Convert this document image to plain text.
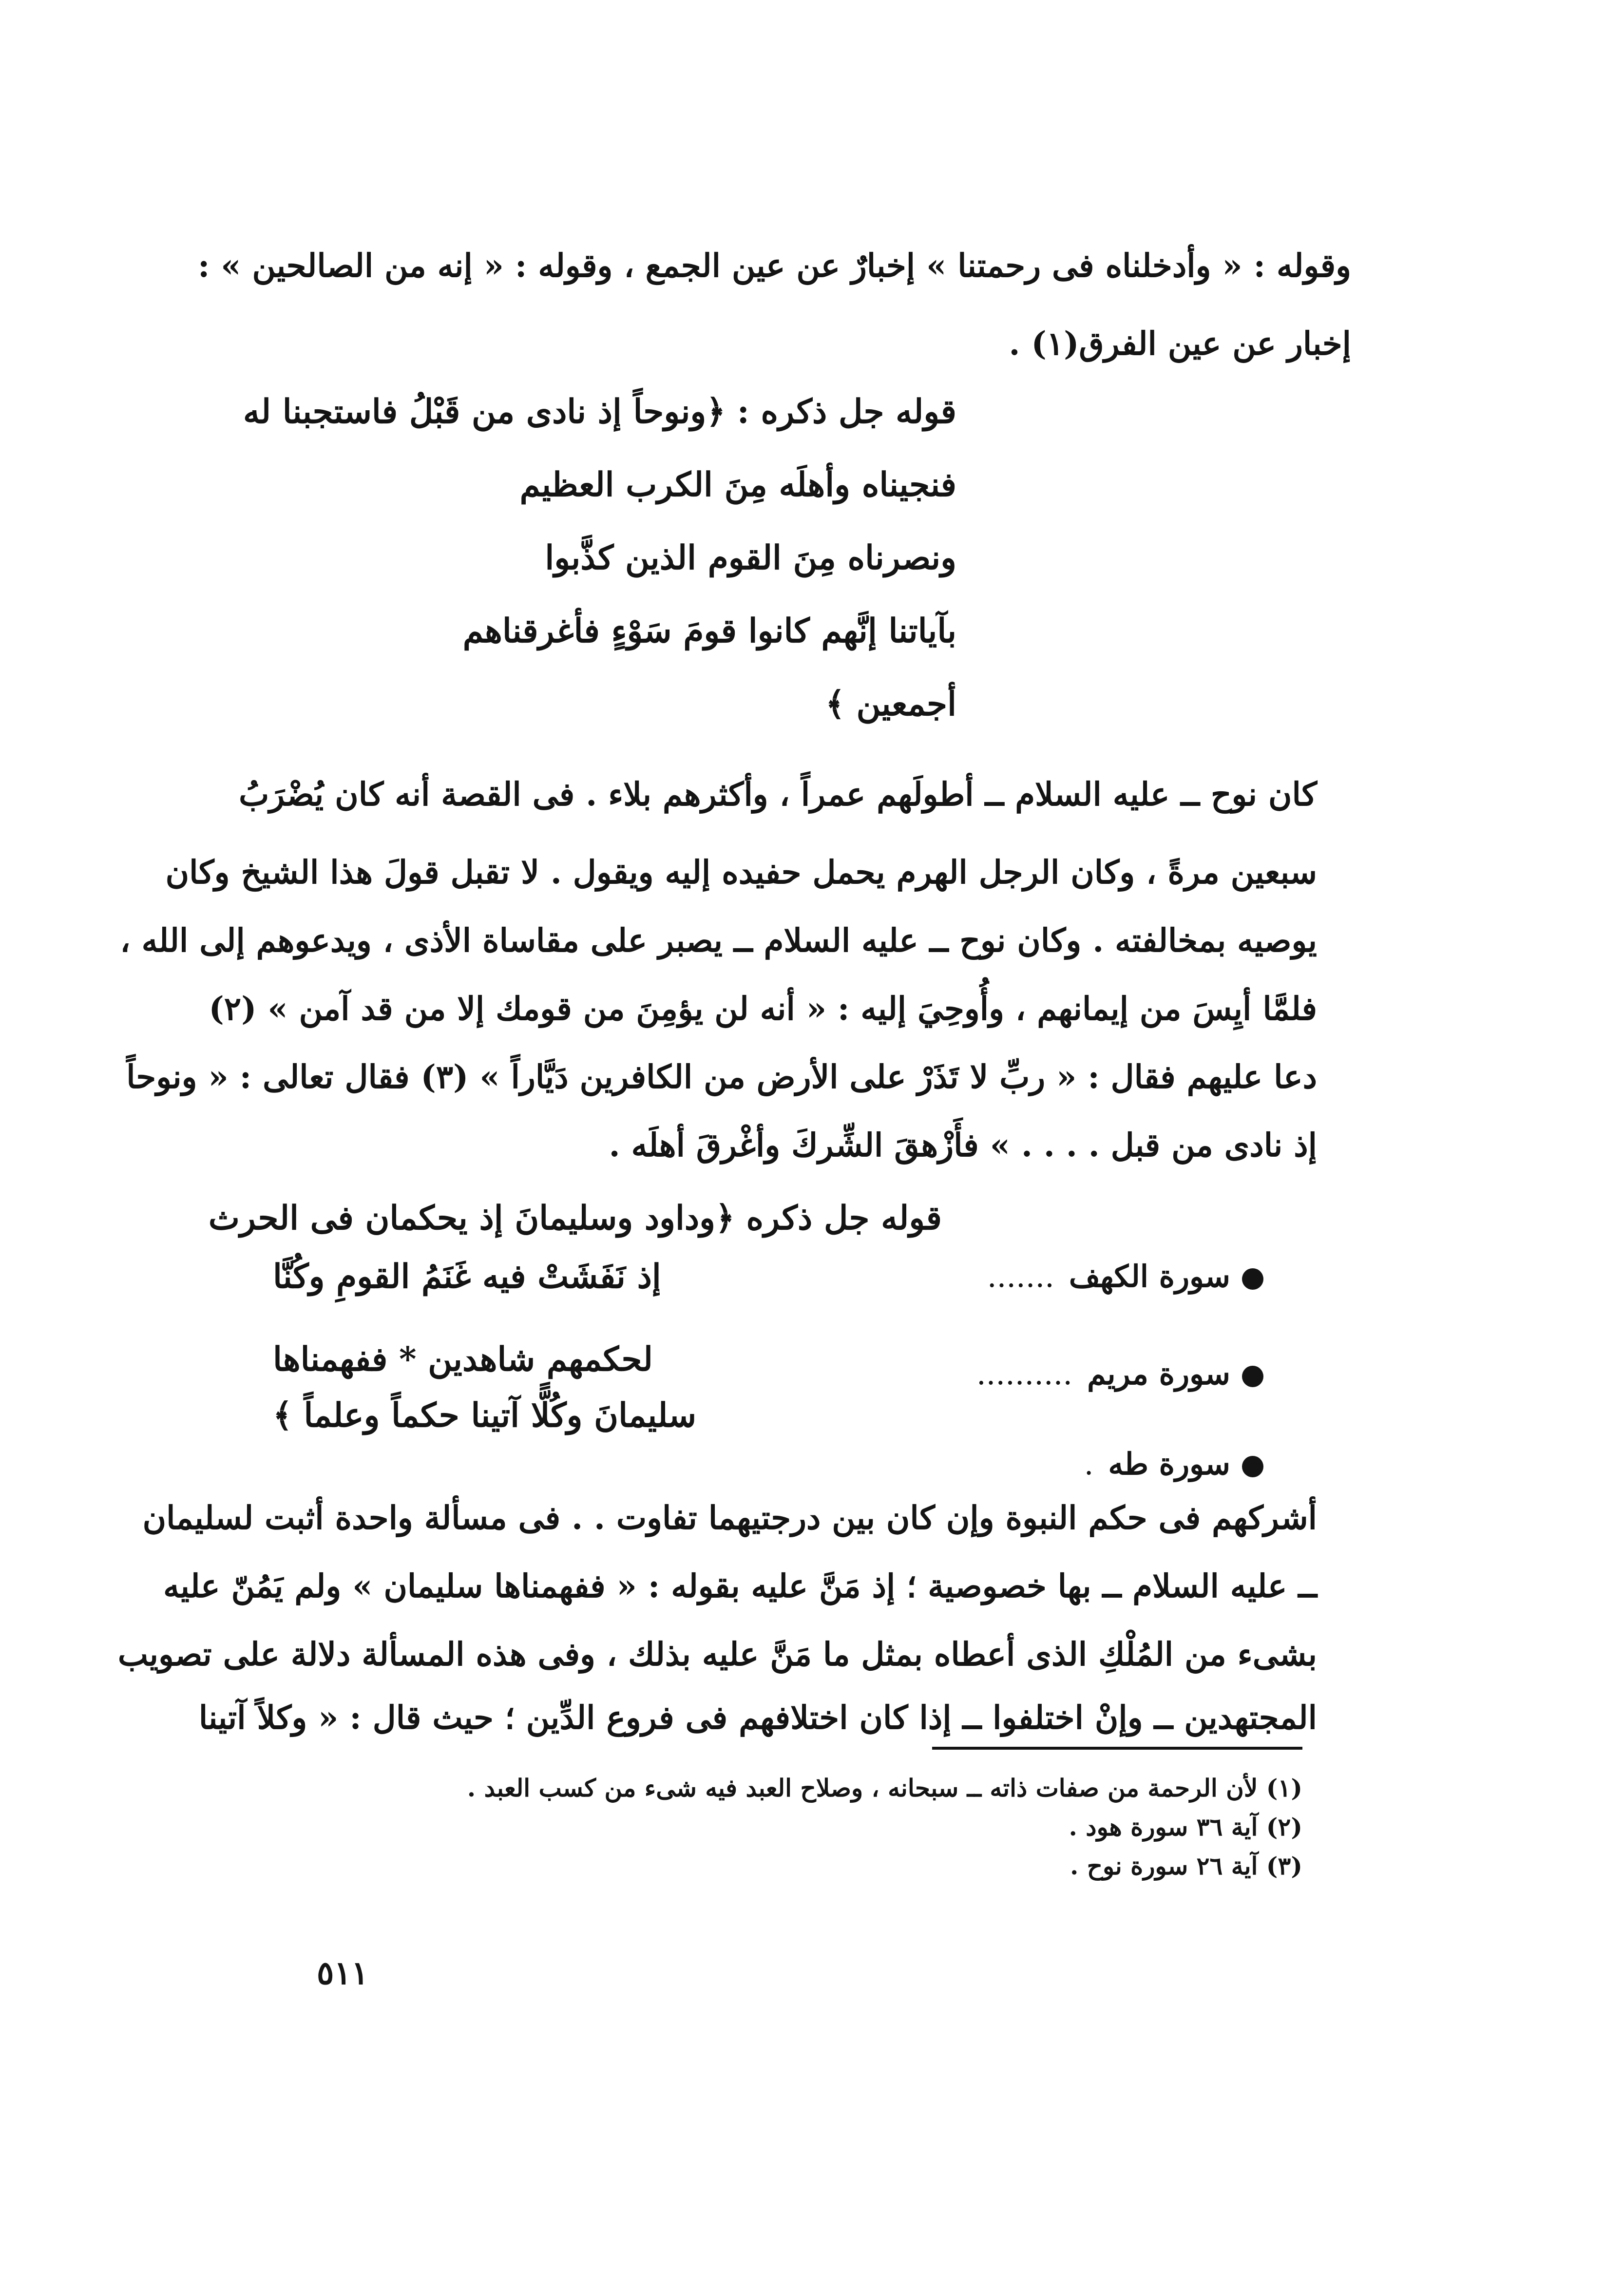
وقوله : « وأدخلناه فى رحمتنا » إخبارٌ عن عين الجمع ، وقوله : « إنه من الصالحين » :
إخبار عن عين الفرق(١) .
قوله جل ذكره : ﴿ونوحاً إذ نادى من قَبْلُ فاستجبنا له
فنجيناه وأهلَه مِنَ الكرب العظيم
ونصرناه مِنَ القوم الذين كذَّبوا
بآياتنا إنَّهم كانوا قومَ سَوْءٍ فأغرقناهم
أجمعين ﴾
كان نوح ــ عليه السلام ــ أطولَهم عمراً ، وأكثرهم بلاء . فى القصة أنه كان يُضْرَبُ
سبعين مرةً ، وكان الرجل الهرم يحمل حفيده إليه ويقول . لا تقبل قولَ هذا الشيخ وكان
يوصيه بمخالفته . وكان نوح ــ عليه السلام ــ يصبر على مقاساة الأذى ، ويدعوهم إلى الله ،
فلمَّا أيِسَ من إيمانهم ، وأُوحِيَ إليه : « أنه لن يؤمِنَ من قومك إلا من قد آمن » (٢)
دعا عليهم فقال : « ربِّ لا تَذَرْ على الأرض من الكافرين دَيَّاراً » (٣) فقال تعالى : « ونوحاً
إذ نادى من قبل . . . . » فأَزْهقَ الشِّركَ وأغْرقَ أهلَه .
قوله جل ذكره ﴿وداود وسليمانَ إذ يحكمان فى الحرث
سورة الكهف.......
سورة مريم..........
سورة طه.
إذ نَفَشَتْ فيه غَنَمُ القومِ وكُنَّا
لحكمهم شاهدين * ففهمناها
سليمانَ وكُلًّا آتينا حكماً وعلماً ﴾
أشركهم فى حكم النبوة وإن كان بين درجتيهما تفاوت . . فى مسألة واحدة أثبت لسليمان
ــ عليه السلام ــ بها خصوصية ؛ إذ مَنَّ عليه بقوله : « ففهمناها سليمان » ولم يَمُنّ عليه
بشىء من المُلْكِ الذى أعطاه بمثل ما مَنَّ عليه بذلك ، وفى هذه المسألة دلالة على تصويب
المجتهدين ــ وإنْ اختلفوا ــ إذا كان اختلافهم فى فروع الدِّين ؛ حيث قال : « وكلاً آتينا
(١) لأن الرحمة من صفات ذاته ــ سبحانه ، وصلاح العبد فيه شىء من كسب العبد .
(٢) آية ٣٦ سورة هود .
(٣) آية ٢٦ سورة نوح .
٥١١
